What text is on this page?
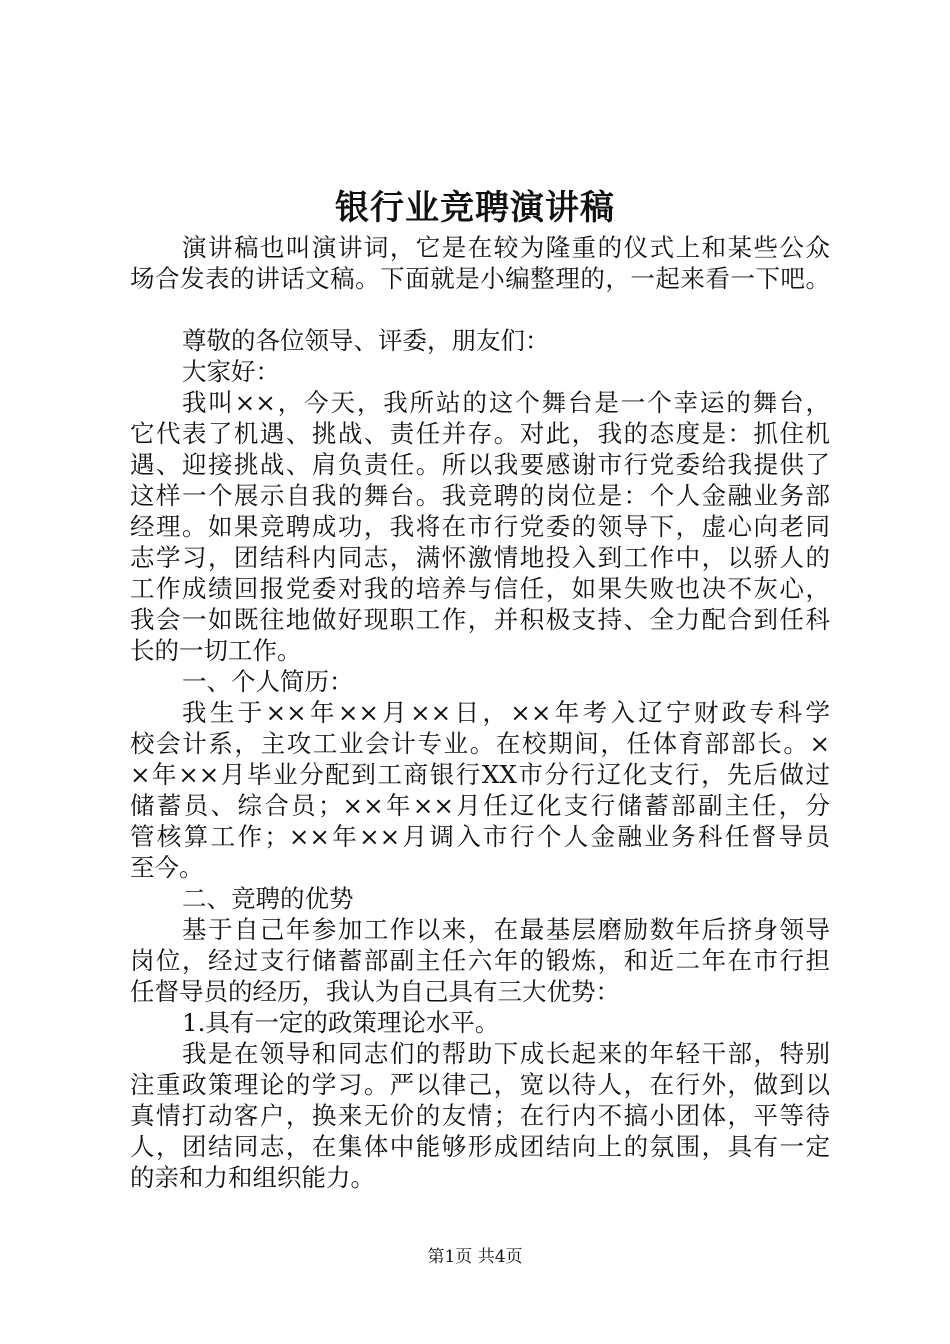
银行业竞聘演讲稿
演讲稿也叫演讲词，它是在较为隆重的仪式上和某些公众
场合发表的讲话文稿。下面就是小编整理的，一起来看一下吧。
尊敬的各位领导、评委，朋友们：
大家好：
我叫××，今天，我所站的这个舞台是一个幸运的舞台，
它代表了机遇、挑战、责任并存。对此，我的态度是：抓住机
遇、迎接挑战、肩负责任。所以我要感谢市行党委给我提供了
这样一个展示自我的舞台。我竞聘的岗位是：个人金融业务部
经理。如果竞聘成功，我将在市行党委的领导下，虚心向老同
志学习，团结科内同志，满怀激情地投入到工作中，以骄人的
工作成绩回报党委对我的培养与信任，如果失败也决不灰心，
我会一如既往地做好现职工作，并积极支持、全力配合到任科
长的一切工作。
一、个人简历：
我生于××年××月××日，××年考入辽宁财政专科学
校会计系，主攻工业会计专业。在校期间，任体育部部长。×
×年××月毕业分配到工商银行XX市分行辽化支行，先后做过
储蓄员、综合员；××年××月任辽化支行储蓄部副主任，分
管核算工作；××年××月调入市行个人金融业务科任督导员
至今。
二、竞聘的优势
基于自己年参加工作以来，在最基层磨励数年后挤身领导
岗位，经过支行储蓄部副主任六年的锻炼，和近二年在市行担
任督导员的经历，我认为自己具有三大优势：
1.具有一定的政策理论水平。
我是在领导和同志们的帮助下成长起来的年轻干部，特别
注重政策理论的学习。严以律己，宽以待人，在行外，做到以
真情打动客户，换来无价的友情；在行内不搞小团体，平等待
人，团结同志，在集体中能够形成团结向上的氛围，具有一定
的亲和力和组织能力。
第1页 共4页
